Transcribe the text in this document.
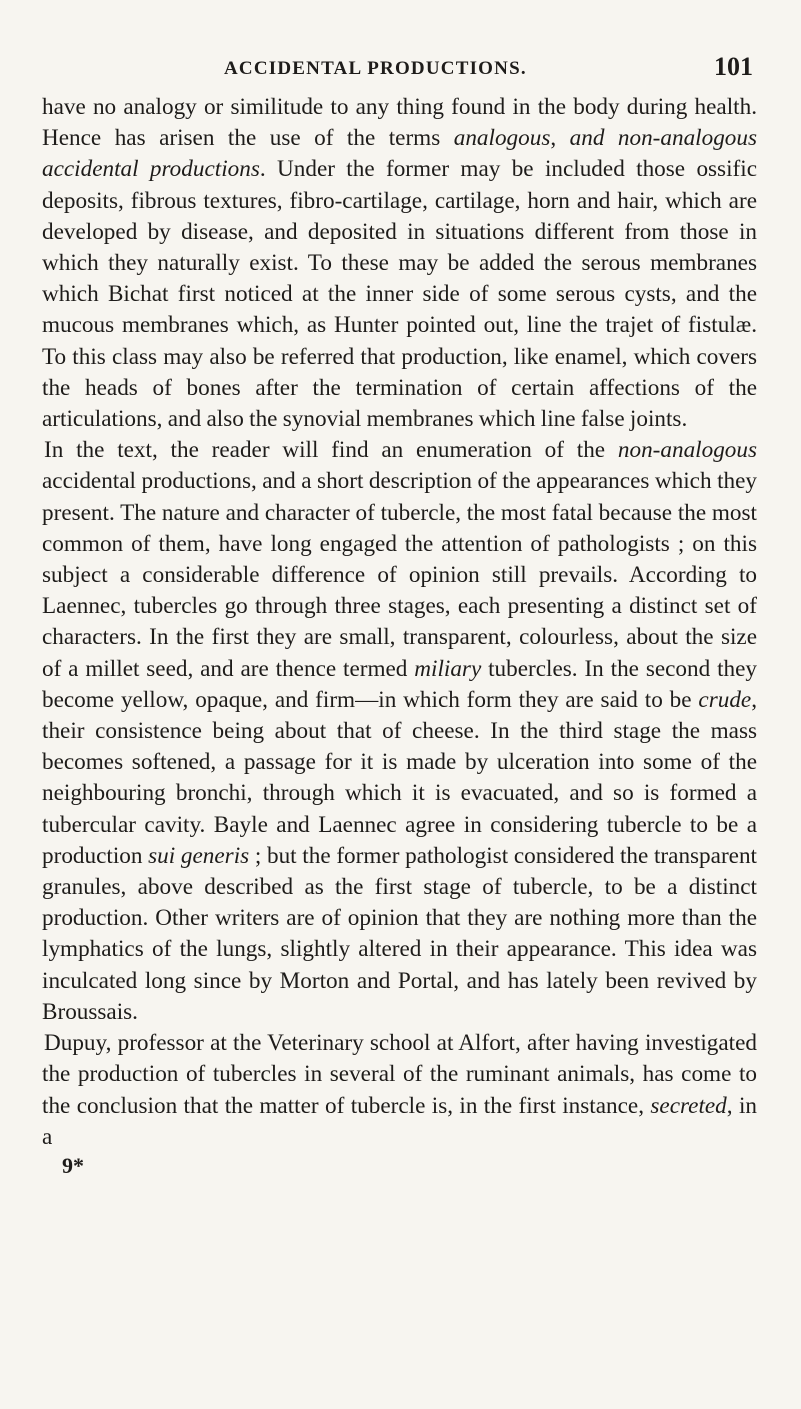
ACCIDENTAL PRODUCTIONS.	101

have no analogy or similitude to any thing found in the body during health. Hence has arisen the use of the terms analogous, and non-analogous accidental productions. Under the former may be included those ossific deposits, fibrous textures, fibro-cartilage, cartilage, horn and hair, which are developed by disease, and deposited in situations different from those in which they naturally exist. To these may be added the serous membranes which Bichat first noticed at the inner side of some serous cysts, and the mucous membranes which, as Hunter pointed out, line the trajet of fistulæ. To this class may also be referred that production, like enamel, which covers the heads of bones after the termination of certain affections of the articulations, and also the synovial membranes which line false joints.

In the text, the reader will find an enumeration of the non-analogous accidental productions, and a short description of the appearances which they present. The nature and character of tubercle, the most fatal because the most common of them, have long engaged the attention of pathologists ; on this subject a considerable difference of opinion still prevails. According to Laennec, tubercles go through three stages, each presenting a distinct set of characters. In the first they are small, transparent, colourless, about the size of a millet seed, and are thence termed miliary tubercles. In the second they become yellow, opaque, and firm—in which form they are said to be crude, their consistence being about that of cheese. In the third stage the mass becomes softened, a passage for it is made by ulceration into some of the neighbouring bronchi, through which it is evacuated, and so is formed a tubercular cavity. Bayle and Laennec agree in considering tubercle to be a production sui generis ; but the former pathologist considered the transparent granules, above described as the first stage of tubercle, to be a distinct production. Other writers are of opinion that they are nothing more than the lymphatics of the lungs, slightly altered in their appearance. This idea was inculcated long since by Morton and Portal, and has lately been revived by Broussais.

Dupuy, professor at the Veterinary school at Alfort, after having investigated the production of tubercles in several of the ruminant animals, has come to the conclusion that the matter of tubercle is, in the first instance, secreted, in a

9*
